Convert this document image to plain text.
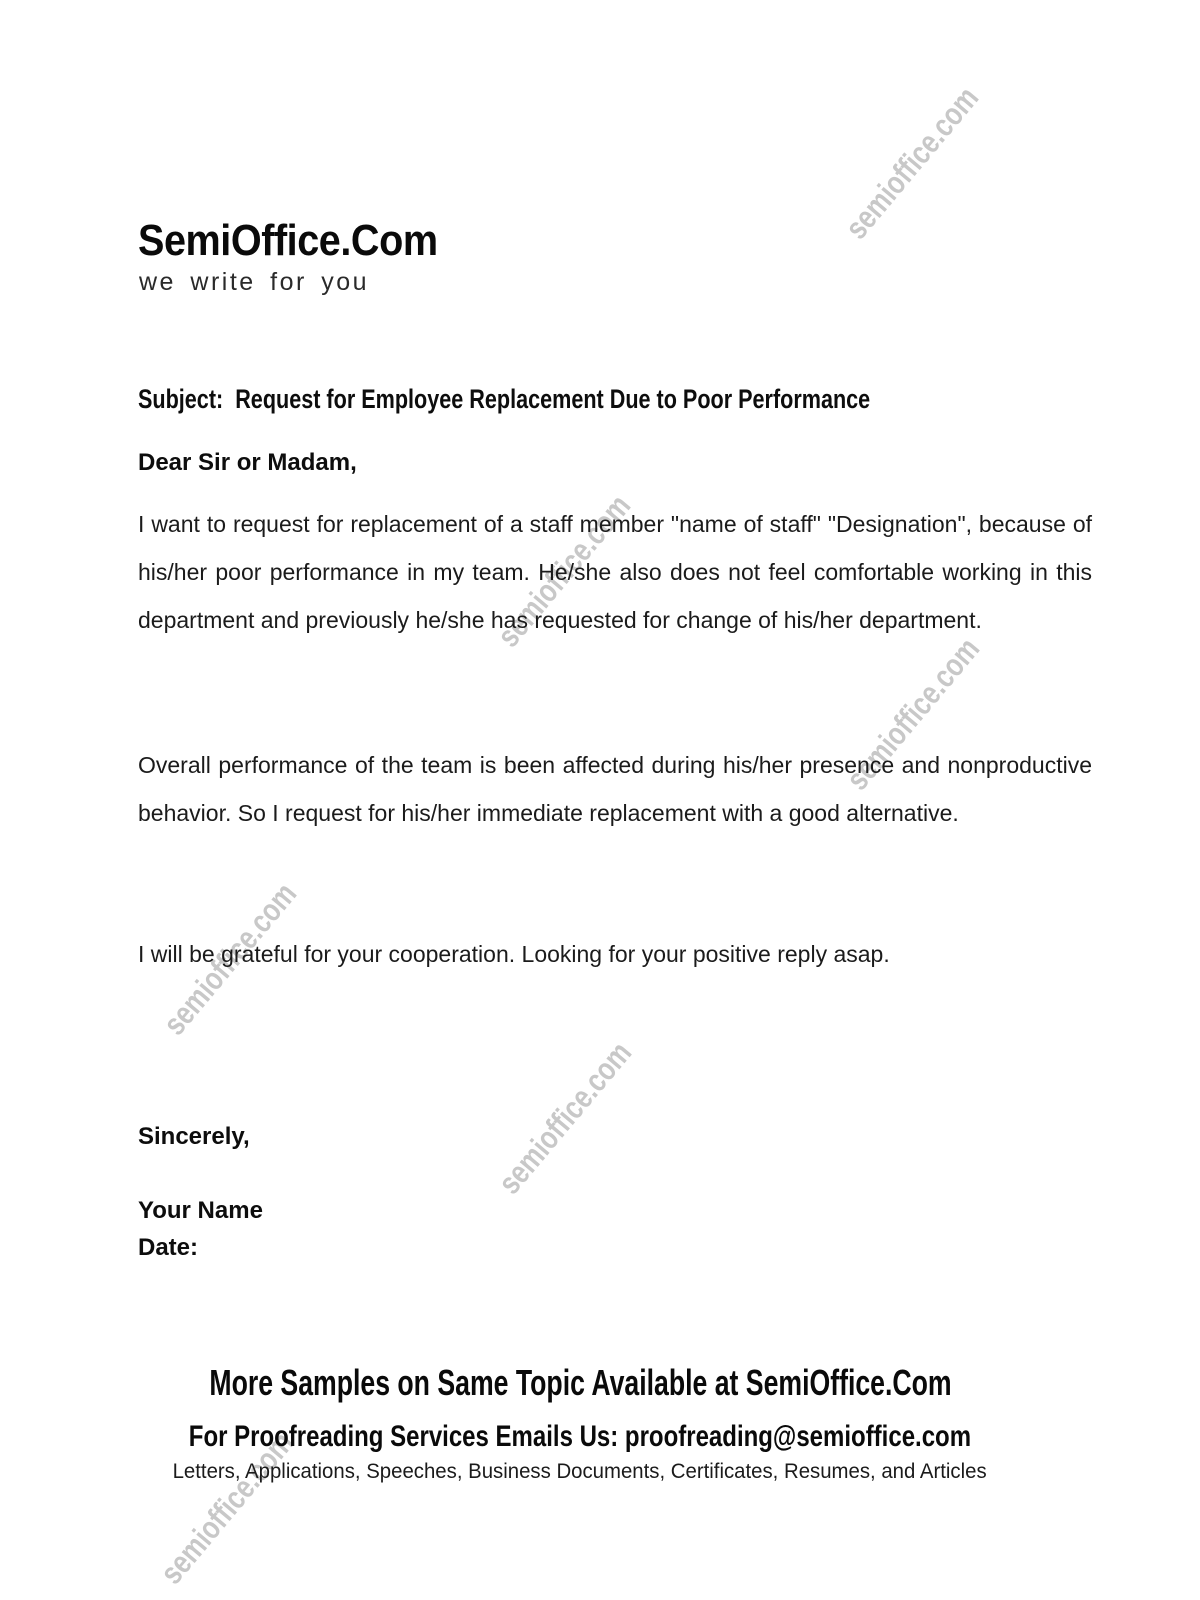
semioffice.com
semioffice.com
semioffice.com
semioffice.com
semioffice.com
semioffice.com
SemiOffice.Com
we write for you
Subject:  Request for Employee Replacement Due to Poor Performance
Dear Sir or Madam,
I want to request for replacement of a staff member "name of staff" "Designation", because of his/her poor performance in my team. He/she also does not feel comfortable working in this department and previously he/she has requested for change of his/her department.
Overall performance of the team is been affected during his/her presence and nonproductive behavior. So I request for his/her immediate replacement with a good alternative.
I will be grateful for your cooperation. Looking for your positive reply asap.
Sincerely,
Your Name
Date:
More Samples on Same Topic Available at SemiOffice.Com
For Proofreading Services Emails Us: proofreading@semioffice.com
Letters, Applications, Speeches, Business Documents, Certificates, Resumes, and Articles
